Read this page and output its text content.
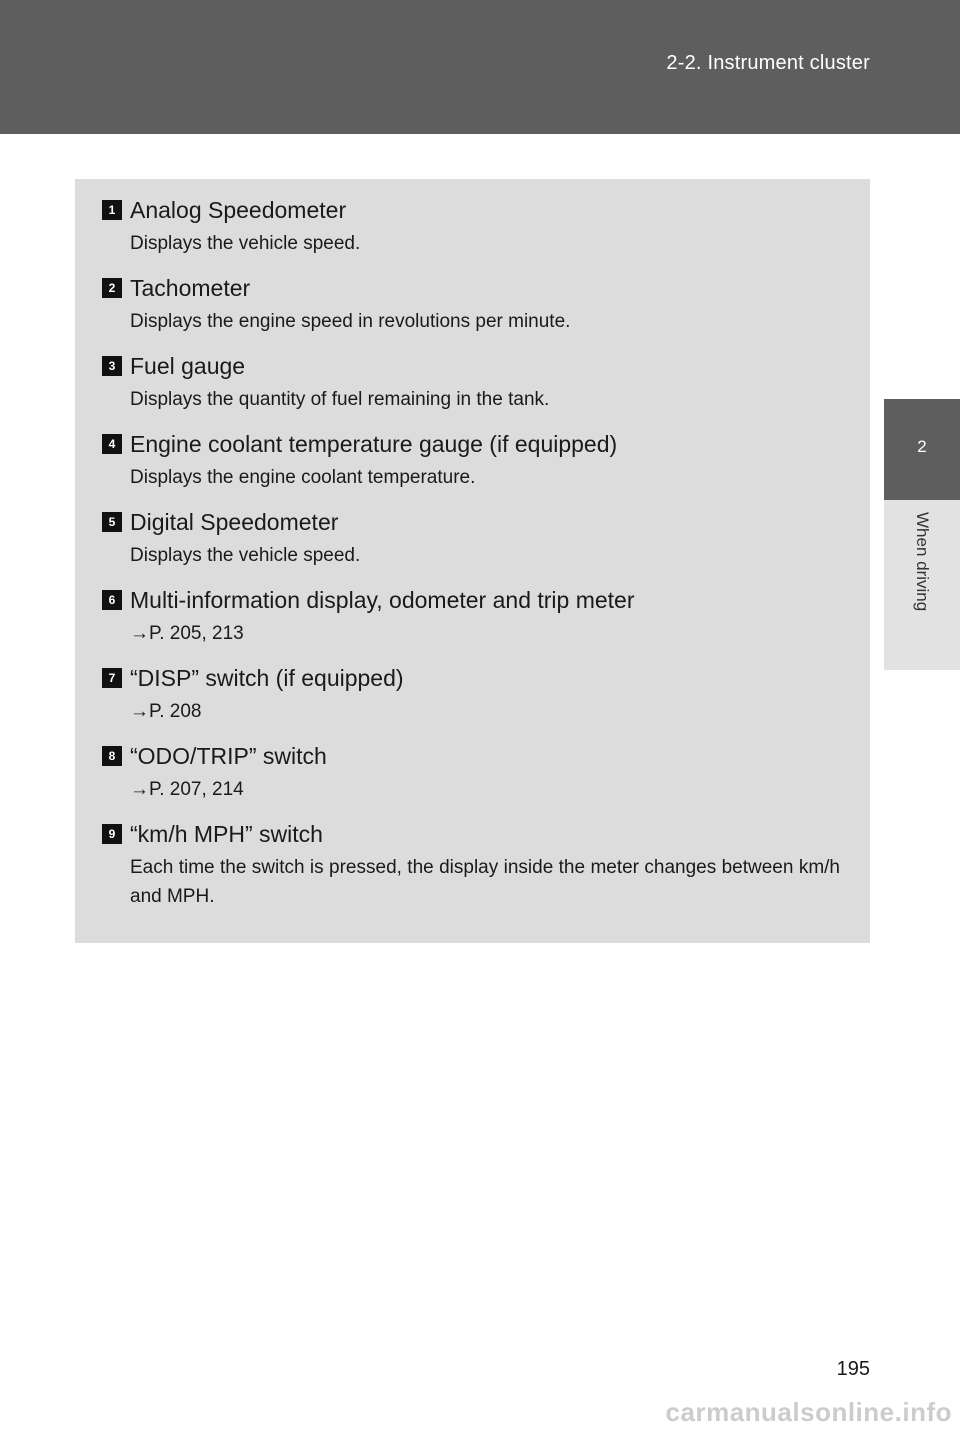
2-2. Instrument cluster
2
When driving
1 Analog Speedometer
Displays the vehicle speed.
2 Tachometer
Displays the engine speed in revolutions per minute.
3 Fuel gauge
Displays the quantity of fuel remaining in the tank.
4 Engine coolant temperature gauge (if equipped)
Displays the engine coolant temperature.
5 Digital Speedometer
Displays the vehicle speed.
6 Multi-information display, odometer and trip meter
→P. 205, 213
7 “DISP” switch (if equipped)
→P. 208
8 “ODO/TRIP” switch
→P. 207, 214
9 “km/h MPH” switch
Each time the switch is pressed, the display inside the meter changes between km/h and MPH.
195
carmanualsonline.info
